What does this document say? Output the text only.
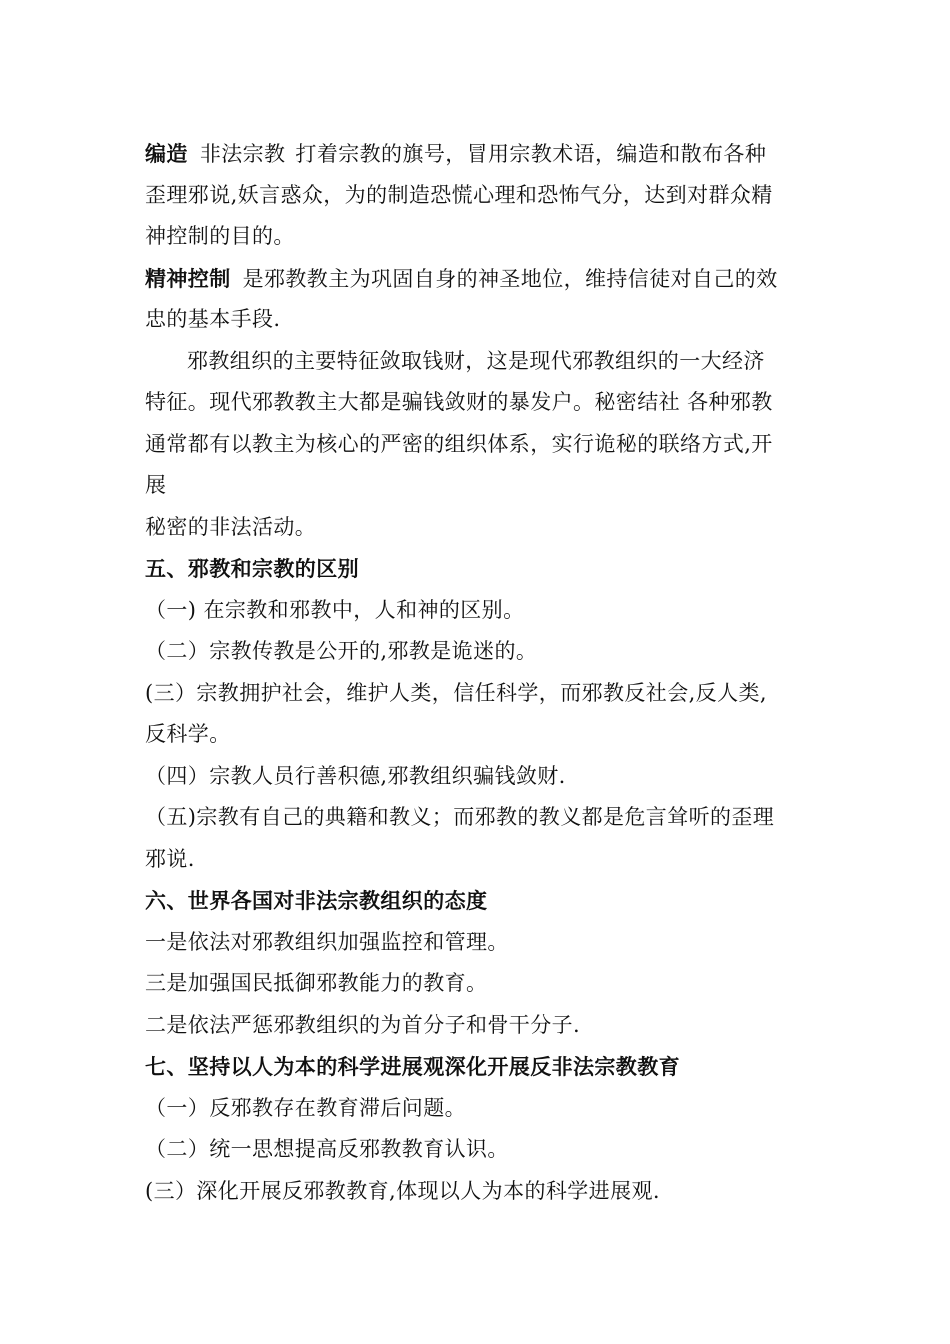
编造 非法宗教 打着宗教的旗号，冒用宗教术语，编造和散布各种
歪理邪说,妖言惑众，为的制造恐慌心理和恐怖气分，达到对群众精
神控制的目的。
精神控制 是邪教教主为巩固自身的神圣地位，维持信徒对自己的效
忠的基本手段.
邪教组织的主要特征敛取钱财，这是现代邪教组织的一大经济
特征。现代邪教教主大都是骗钱敛财的暴发户。秘密结社 各种邪教
通常都有以教主为核心的严密的组织体系，实行诡秘的联络方式,开
展
秘密的非法活动。
五、邪教和宗教的区别
（一) 在宗教和邪教中，人和神的区别。
（二）宗教传教是公开的,邪教是诡迷的。
(三）宗教拥护社会，维护人类，信任科学，而邪教反社会,反人类,
反科学。
（四）宗教人员行善积德,邪教组织骗钱敛财.
（五)宗教有自己的典籍和教义；而邪教的教义都是危言耸听的歪理
邪说.
六、世界各国对非法宗教组织的态度
一是依法对邪教组织加强监控和管理。
三是加强国民抵御邪教能力的教育。
二是依法严惩邪教组织的为首分子和骨干分子.
七、坚持以人为本的科学进展观深化开展反非法宗教教育
（一）反邪教存在教育滞后问题。
（二）统一思想提高反邪教教育认识。
(三）深化开展反邪教教育,体现以人为本的科学进展观.
